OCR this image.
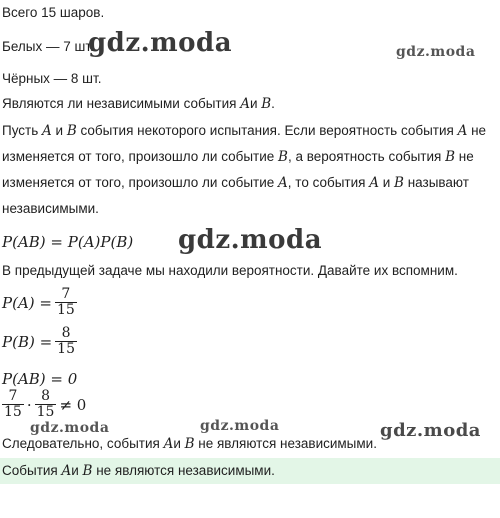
Всего 15 шаров.
Белых — 7 шт.
Чёрных — 8 шт.
Являются ли независимыми события Aи B.
Пусть A и B события некоторого испытания. Если вероятность события A не
изменяется от того, произошло ли событие B, а вероятность события B не
изменяется от того, произошло ли событие A, то события A и B называют
независимыми.
P(AB) = P(A)P(B)
В предыдущей задаче мы находили вероятности. Давайте их вспомним.
$P(A) = \frac{7}{15}$
$P(B) = \frac{8}{15}$
P(AB) = 0
$\frac{7}{15} \cdot \frac{8}{15} \ne 0$
Следовательно, события Aи B не являются независимыми.
События Aи B не являются независимыми.
gdz.moda	gdz.moda
gdz.moda
gdz.moda	gdz.moda	gdz.moda
